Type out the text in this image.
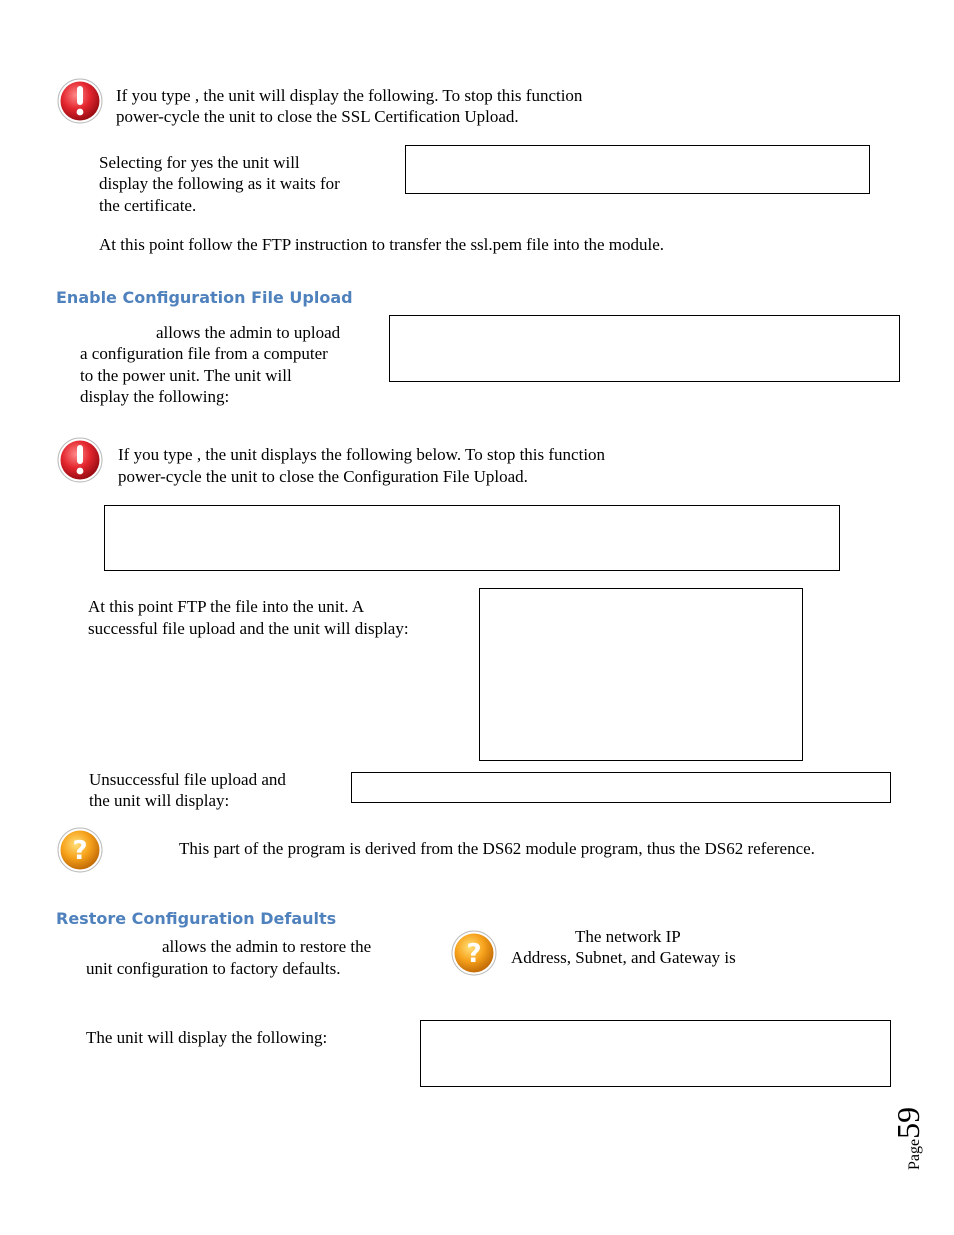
If you type , the unit will display the following. To stop this function
power-cycle the unit to close the SSL Certification Upload.
Selecting for yes the unit will
display the following as it waits for
the certificate.
At this point follow the FTP instruction to transfer the ssl.pem file into the module.
Enable Configuration File Upload
allows the admin to upload
a configuration file from a computer
to the power unit. The unit will
display the following:
If you type , the unit displays the following below. To stop this function
power-cycle the unit to close the Configuration File Upload.
At this point FTP the file into the unit. A
successful file upload and the unit will display:
Unsuccessful file upload and
the unit will display:
?	This part of the program is derived from the DS62 module program, thus the DS62 reference.
Restore Configuration Defaults
allows the admin to restore the
unit configuration to factory defaults.	?
The network IP
Address, Subnet, and Gateway is
The unit will display the following:
Page59
